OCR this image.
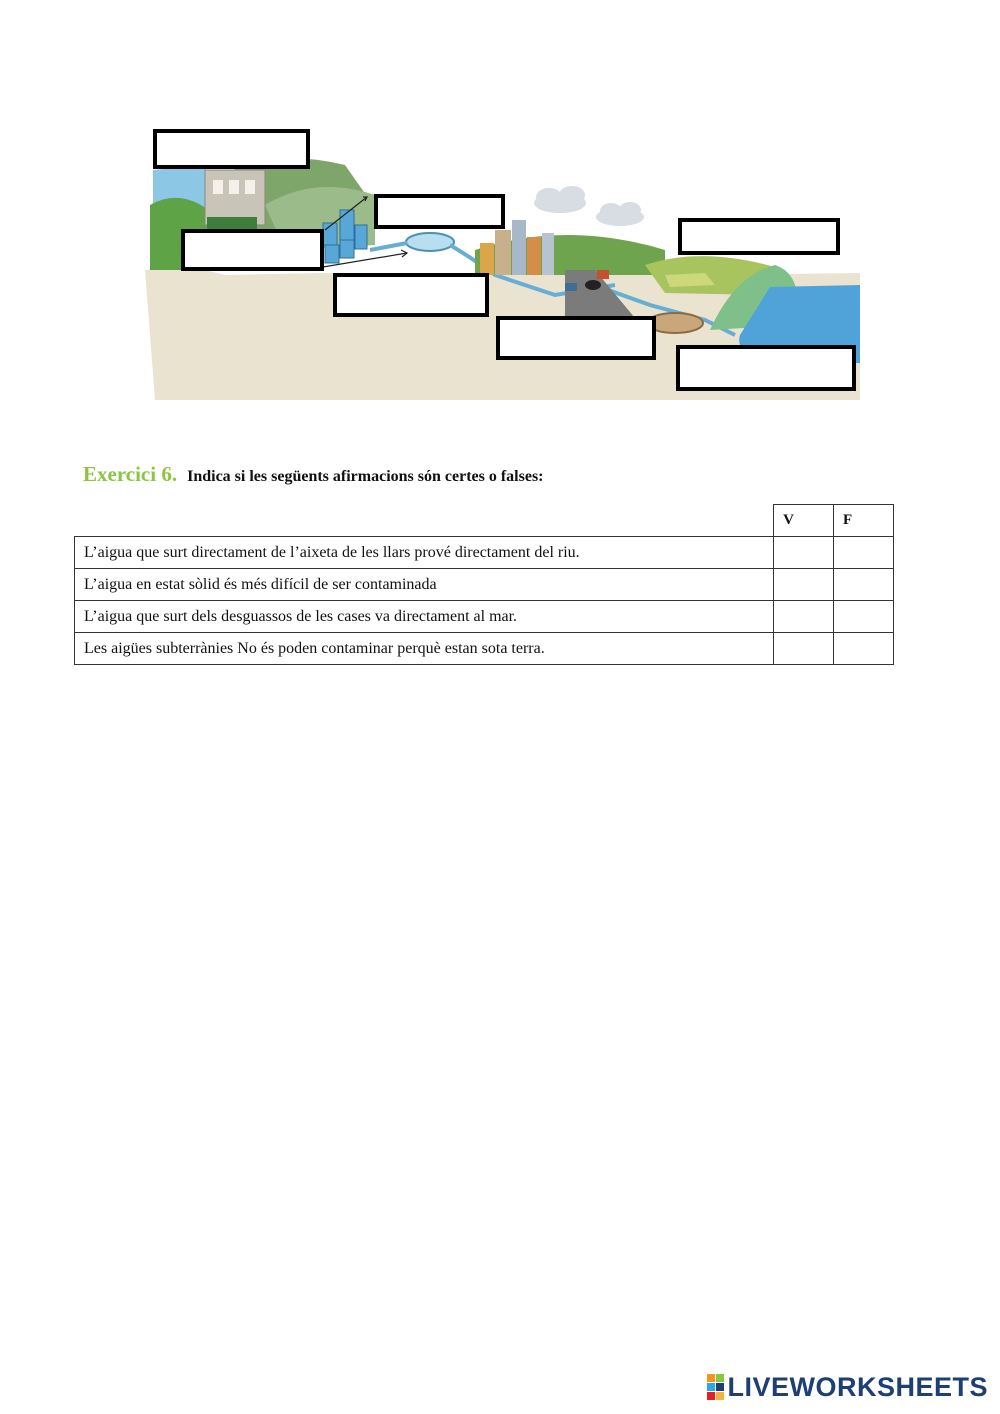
Exercici 6. Indica si les següents afirmacions són certes o falses:
	V	F
L’aigua que surt directament de l’aixeta de les llars prové directament del riu.		
L’aigua en estat sòlid és més difícil de ser contaminada		
L’aigua que surt dels desguassos de les cases va directament al mar.		
Les aigües subterrànies No és poden contaminar perquè estan sota terra.		
LIVEWORKSHEETS
